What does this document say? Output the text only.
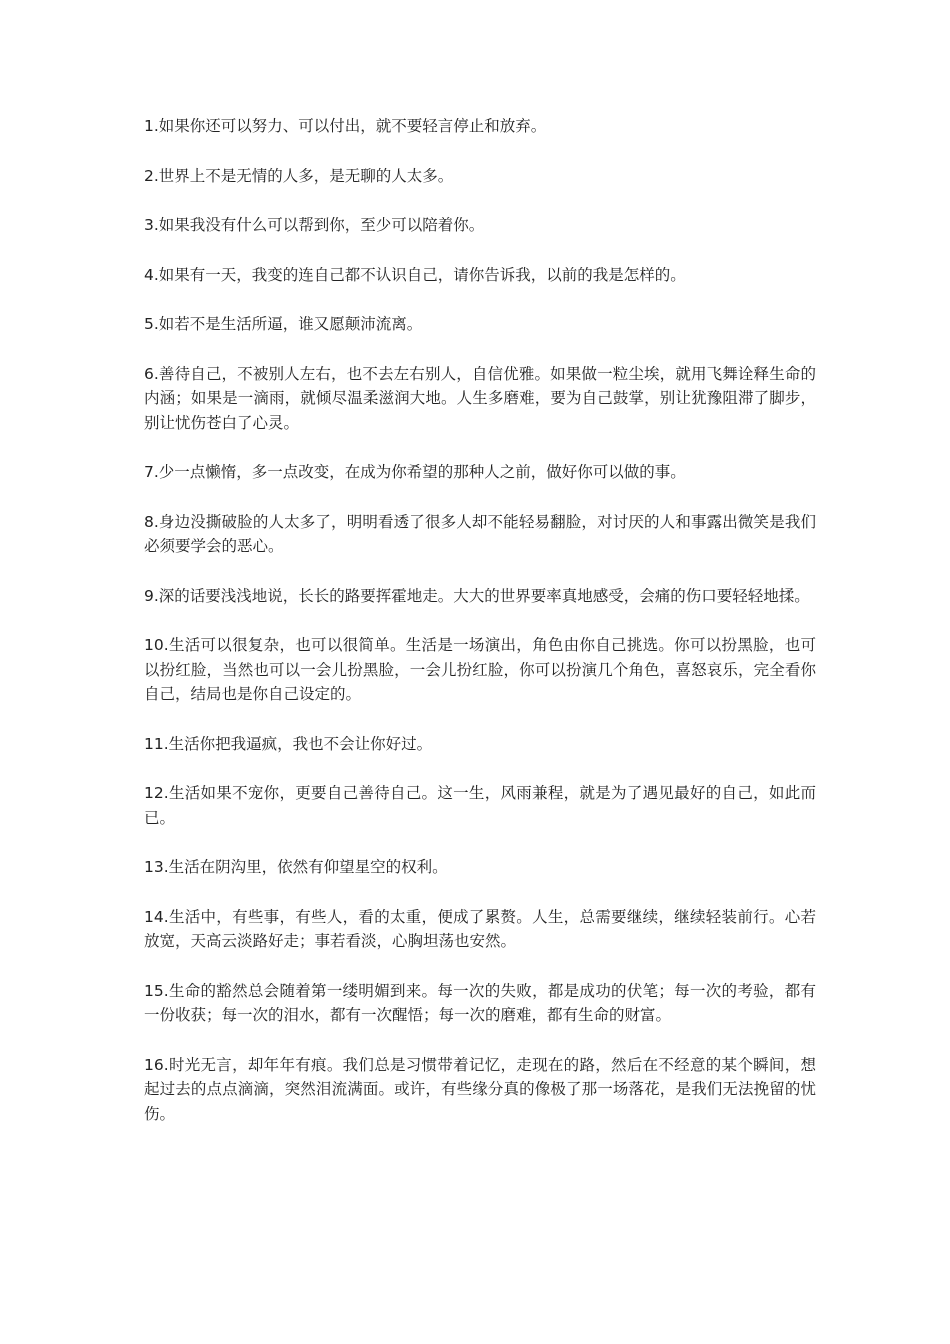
1.如果你还可以努力、可以付出，就不要轻言停止和放弃。

2.世界上不是无情的人多，是无聊的人太多。

3.如果我没有什么可以帮到你，至少可以陪着你。

4.如果有一天，我变的连自己都不认识自己，请你告诉我，以前的我是怎样的。

5.如若不是生活所逼，谁又愿颠沛流离。

6.善待自己，不被别人左右，也不去左右别人，自信优雅。如果做一粒尘埃，就用飞舞诠释生命的内涵；如果是一滴雨，就倾尽温柔滋润大地。人生多磨难，要为自己鼓掌，别让犹豫阻滞了脚步，别让忧伤苍白了心灵。

7.少一点懒惰，多一点改变，在成为你希望的那种人之前，做好你可以做的事。

8.身边没撕破脸的人太多了，明明看透了很多人却不能轻易翻脸，对讨厌的人和事露出微笑是我们必须要学会的恶心。

9.深的话要浅浅地说，长长的路要挥霍地走。大大的世界要率真地感受，会痛的伤口要轻轻地揉。

10.生活可以很复杂，也可以很简单。生活是一场演出，角色由你自己挑选。你可以扮黑脸，也可以扮红脸，当然也可以一会儿扮黑脸，一会儿扮红脸，你可以扮演几个角色，喜怒哀乐，完全看你自己，结局也是你自己设定的。

11.生活你把我逼疯，我也不会让你好过。

12.生活如果不宠你，更要自己善待自己。这一生，风雨兼程，就是为了遇见最好的自己，如此而已。

13.生活在阴沟里，依然有仰望星空的权利。

14.生活中，有些事，有些人，看的太重，便成了累赘。人生，总需要继续，继续轻装前行。心若放宽，天高云淡路好走；事若看淡，心胸坦荡也安然。

15.生命的豁然总会随着第一缕明媚到来。每一次的失败，都是成功的伏笔；每一次的考验，都有一份收获；每一次的泪水，都有一次醒悟；每一次的磨难，都有生命的财富。

16.时光无言，却年年有痕。我们总是习惯带着记忆，走现在的路，然后在不经意的某个瞬间，想起过去的点点滴滴，突然泪流满面。或许，有些缘分真的像极了那一场落花，是我们无法挽留的忧伤。
